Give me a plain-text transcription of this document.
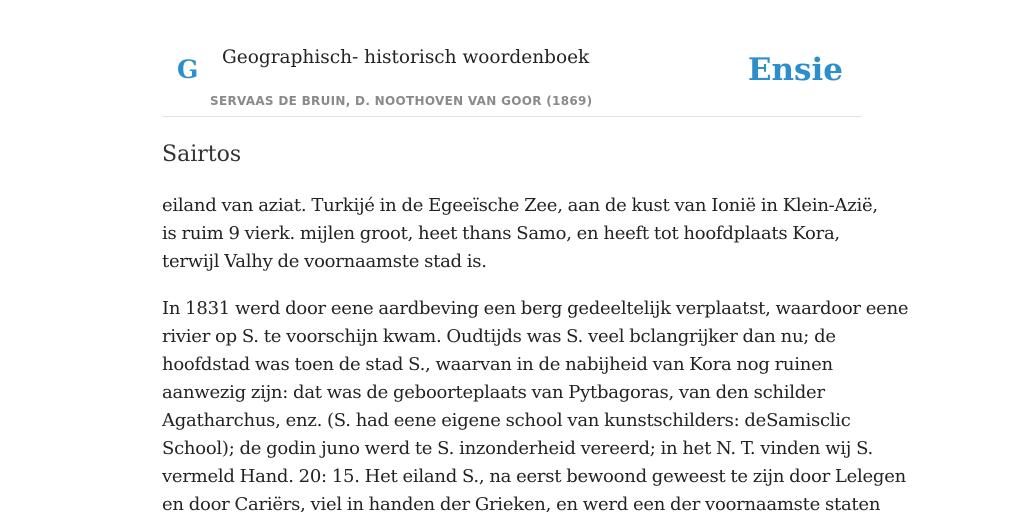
G Geographisch- historisch woordenboek
SERVAAS DE BRUIN, D. NOOTHOVEN VAN GOOR (1869)
Ensie
Sairtos

eiland van aziat. Turkijé in de Egeeïsche Zee, aan de kust van Ionië in Klein-Azië,
is ruim 9 vierk. mijlen groot, heet thans Samo, en heeft tot hoofdplaats Kora,
terwijl Valhy de voornaamste stad is.

In 1831 werd door eene aardbeving een berg gedeeltelijk verplaatst, waardoor eene
rivier op S. te voorschijn kwam. Oudtijds was S. veel bclangrijker dan nu; de
hoofdstad was toen de stad S., waarvan in de nabijheid van Kora nog ruinen
aanwezig zijn: dat was de geboorteplaats van Pytbagoras, van den schilder
Agatharchus, enz. (S. had eene eigene school van kunstschilders: deSamisclic
School); de godin juno werd te S. inzonderheid vereerd; in het N. T. vinden wij S.
vermeld Hand. 20: 15. Het eiland S., na eerst bewoond geweest te zijn door Lelegen
en door Cariërs, viel in handen der Grieken, en werd een der voornaamste staten
